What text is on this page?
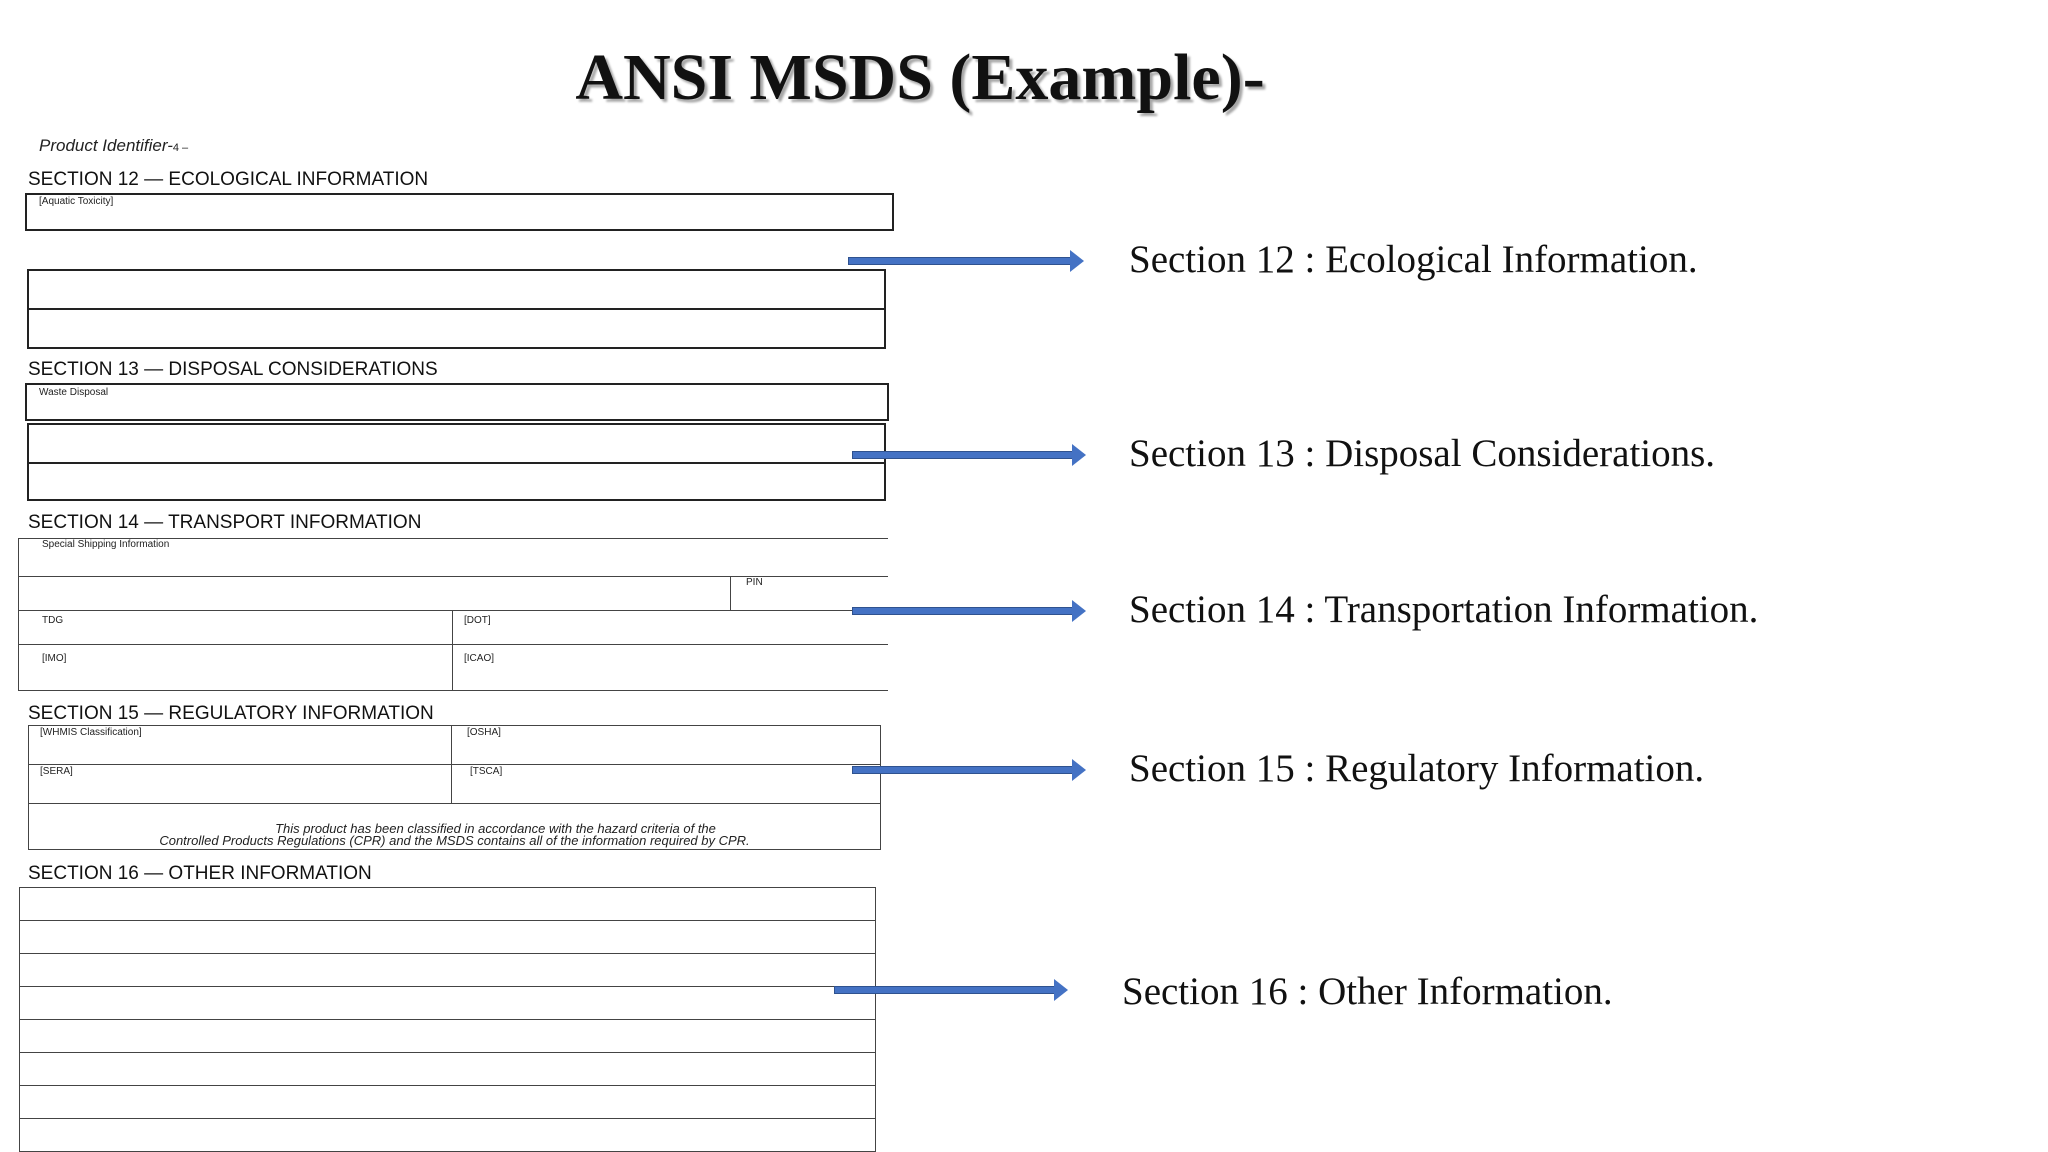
ANSI MSDS (Example)-
Product Identifier-4 –
SECTION 12 — ECOLOGICAL INFORMATION
[Aquatic Toxicity]
SECTION 13 — DISPOSAL CONSIDERATIONS
Waste Disposal
SECTION 14 — TRANSPORT INFORMATION
Special Shipping Information
PIN
TDG	[DOT]
[IMO]	[ICAO]
SECTION 15 — REGULATORY INFORMATION
[WHMIS Classification]	[OSHA]
[SERA]	[TSCA]
This product has been classified in accordance with the hazard criteria of the
Controlled Products Regulations (CPR) and the MSDS contains all of the information required by CPR.
SECTION 16 — OTHER INFORMATION
Section 12 : Ecological Information.
Section 13 : Disposal Considerations.
Section 14 : Transportation Information.
Section 15 : Regulatory Information.
Section 16 : Other Information.
